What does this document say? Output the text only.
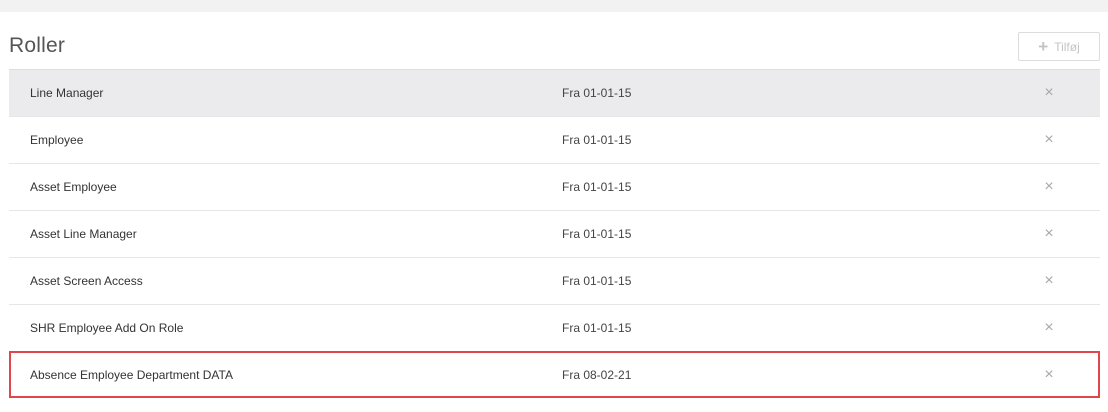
Roller	+ Tilføj
Line Manager	Fra 01-01-15	×
Employee	Fra 01-01-15	×
Asset Employee	Fra 01-01-15	×
Asset Line Manager	Fra 01-01-15	×
Asset Screen Access	Fra 01-01-15	×
SHR Employee Add On Role	Fra 01-01-15	×
Absence Employee Department DATA	Fra 08-02-21	×
